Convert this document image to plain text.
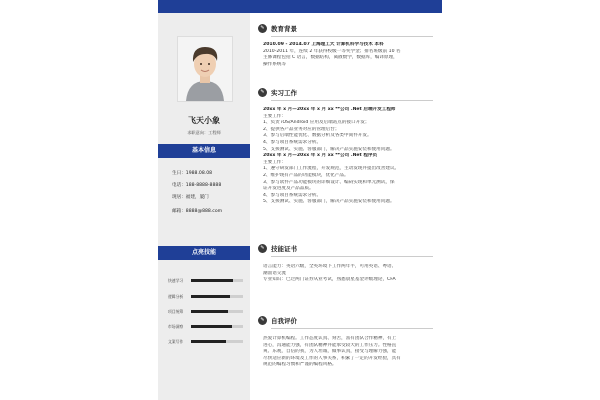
飞天小象
求职意向：工程师
基本信息
生日：1988.08.08
电话：188-8888-8888
现居：福建，厦门
邮箱：8888@888.com
点亮技能
快速学习
逻辑分析
项目统筹
市场洞察
文案写作
✎ 教育背景
2010.09 - 2014.07 上海理工大 计算机科学与技术 本科
2010-2011 年，连续 2 年获得校级一等奖学金；排名班级前 10 名
主修课程包括 C 语言，数据结构，离散数学，数据库，编译原理，
操作系统等
✎ 实习工作
20xx 年 x 月—20xx 年 x 月 xx **公司 .Net 后端开发工程师
主要工作：
1、负责 iOS/Android 应用及后端站点的接口开发；
2、提供各产品业务对应的管理后台；
3、参与后端性能优化、数据分析及各类中间件开发。
4、参与项目系统需求分析。
5、支援测试、实施、客服部门，解决产品实施安装和使用问题。
20xx 年 x 月—20xx 年 x 月 xx **公司 .Net 程序员
主要工作：
1、遵守研发部门工作流程，开发规范，主动发现并提出改善建议。
2、维护现有产品的功能模块，优化产品。
3、参与软件产品功能模块的详细设计、编码实现和单元测试，保
证开发进度及产品品质。
4、参与项目系统需求分析。
5、支援测试、实施、客服部门，解决产品实施安装和使用问题。
✎ 技能证书
语言能力：英语六级，全英环境下工作两年半，可用英语、粤语、
潮汕语交流
专业知识：已过两门证券从业考试，熟悉晨星基金评级理论，CFA
✎ 自我评价
热爱计算机编程。工作态度认真、刻苦，富有团队合作精神，有上
进心，沟通能力强，有团队精神并能承受较大的工作压力。性格直
爽、乐观，自信的我，为人坦诚，做事认真，接受与理解力强，能
尽快适应新的环境及工作的人事关系，积累了一定的开发经验，具有
规范的编程习惯和严谨的编程风格。
